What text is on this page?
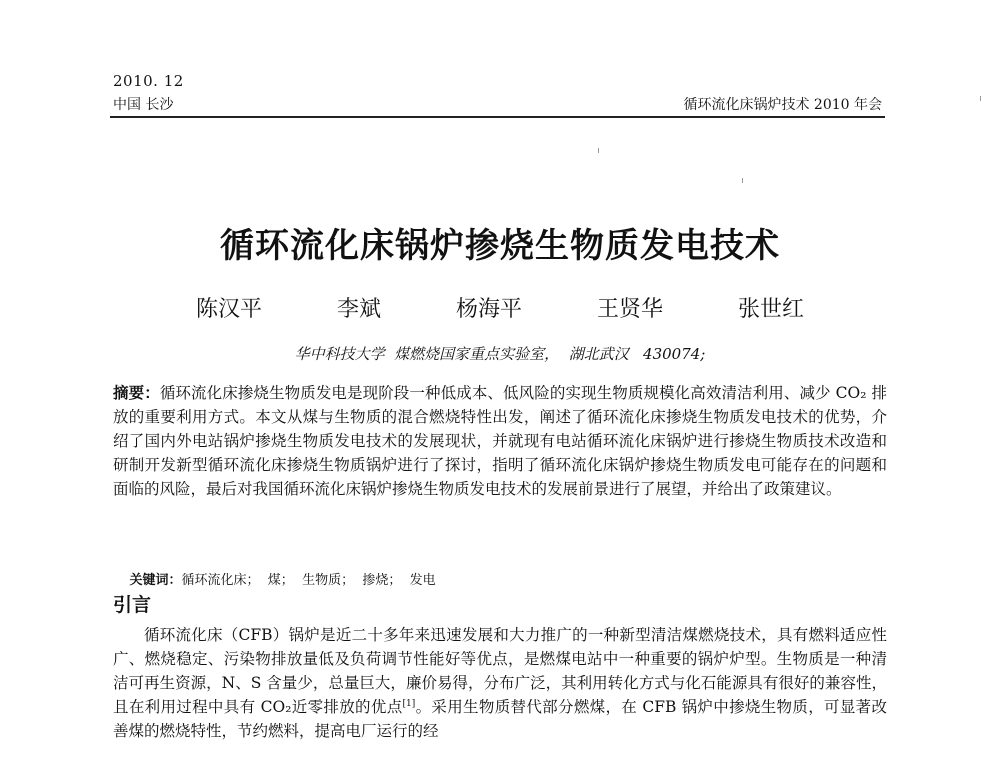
2010. 12
中国 长沙	循环流化床锅炉技术 2010 年会
循环流化床锅炉掺烧生物质发电技术
陈汉平   李斌   杨海平   王贤华   张世红
华中科技大学  煤燃烧国家重点实验室，  湖北武汉   430074;
摘要：循环流化床掺烧生物质发电是现阶段一种低成本、低风险的实现生物质规模化高效清洁利用、减少 CO₂ 排放的重要利用方式。本文从煤与生物质的混合燃烧特性出发，阐述了循环流化床掺烧生物质发电技术的优势，介绍了国内外电站锅炉掺烧生物质发电技术的发展现状，并就现有电站循环流化床锅炉进行掺烧生物质技术改造和研制开发新型循环流化床掺烧生物质锅炉进行了探讨，指明了循环流化床锅炉掺烧生物质发电可能存在的问题和面临的风险，最后对我国循环流化床锅炉掺烧生物质发电技术的发展前景进行了展望，并给出了政策建议。

关键词：循环流化床；  煤；  生物质；  掺烧；  发电

引言
循环流化床（CFB）锅炉是近二十多年来迅速发展和大力推广的一种新型清洁煤燃烧技术，具有燃料适应性广、燃烧稳定、污染物排放量低及负荷调节性能好等优点，是燃煤电站中一种重要的锅炉炉型。生物质是一种清洁可再生资源，N、S 含量少，总量巨大，廉价易得，分布广泛，其利用转化方式与化石能源具有很好的兼容性，且在利用过程中具有 CO₂近零排放的优点[1]。采用生物质替代部分燃煤，在 CFB 锅炉中掺烧生物质，可显著改善煤的燃烧特性，节约燃料，提高电厂运行的经
